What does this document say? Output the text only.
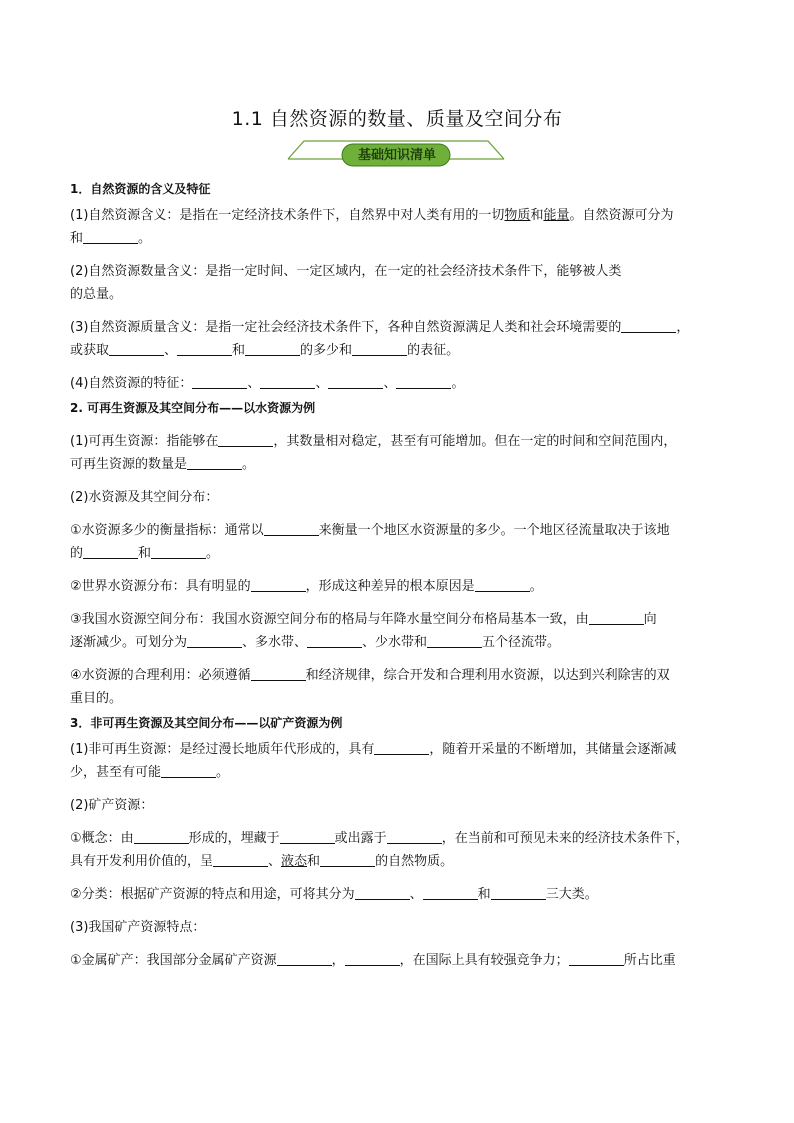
1.1 自然资源的数量、质量及空间分布
基础知识清单
1．自然资源的含义及特征
(1)自然资源含义：是指在一定经济技术条件下，自然界中对人类有用的一切物质和能量。自然资源可分为
和	。
(2)自然资源数量含义：是指一定时间、一定区域内，在一定的社会经济技术条件下，能够被人类
的总量。
(3)自然资源质量含义：是指一定社会经济技术条件下，各种自然资源满足人类和社会环境需要的	，
或获取	、	和	的多少和	的表征。
(4)自然资源的特征：	、	、	、	。
2. 可再生资源及其空间分布——以水资源为例
(1)可再生资源：指能够在	，其数量相对稳定，甚至有可能增加。但在一定的时间和空间范围内，
可再生资源的数量是	。
(2)水资源及其空间分布：
①水资源多少的衡量指标：通常以	来衡量一个地区水资源量的多少。一个地区径流量取决于该地
的	和	。
②世界水资源分布：具有明显的	，形成这种差异的根本原因是	。
③我国水资源空间分布：我国水资源空间分布的格局与年降水量空间分布格局基本一致，由	向
逐渐减少。可划分为	、多水带、	、少水带和	五个径流带。
④水资源的合理利用：必须遵循	和经济规律，综合开发和合理利用水资源，以达到兴利除害的双
重目的。
3．非可再生资源及其空间分布——以矿产资源为例
(1)非可再生资源：是经过漫长地质年代形成的，具有	，随着开采量的不断增加，其储量会逐渐减
少，甚至有可能	。
(2)矿产资源：
①概念：由	形成的，埋藏于	或出露于	，在当前和可预见未来的经济技术条件下，
具有开发利用价值的，呈	、液态和	的自然物质。
②分类：根据矿产资源的特点和用途，可将其分为	、	和	三大类。
(3)我国矿产资源特点：
①金属矿产：我国部分金属矿产资源	，	，在国际上具有较强竞争力；	所占比重
